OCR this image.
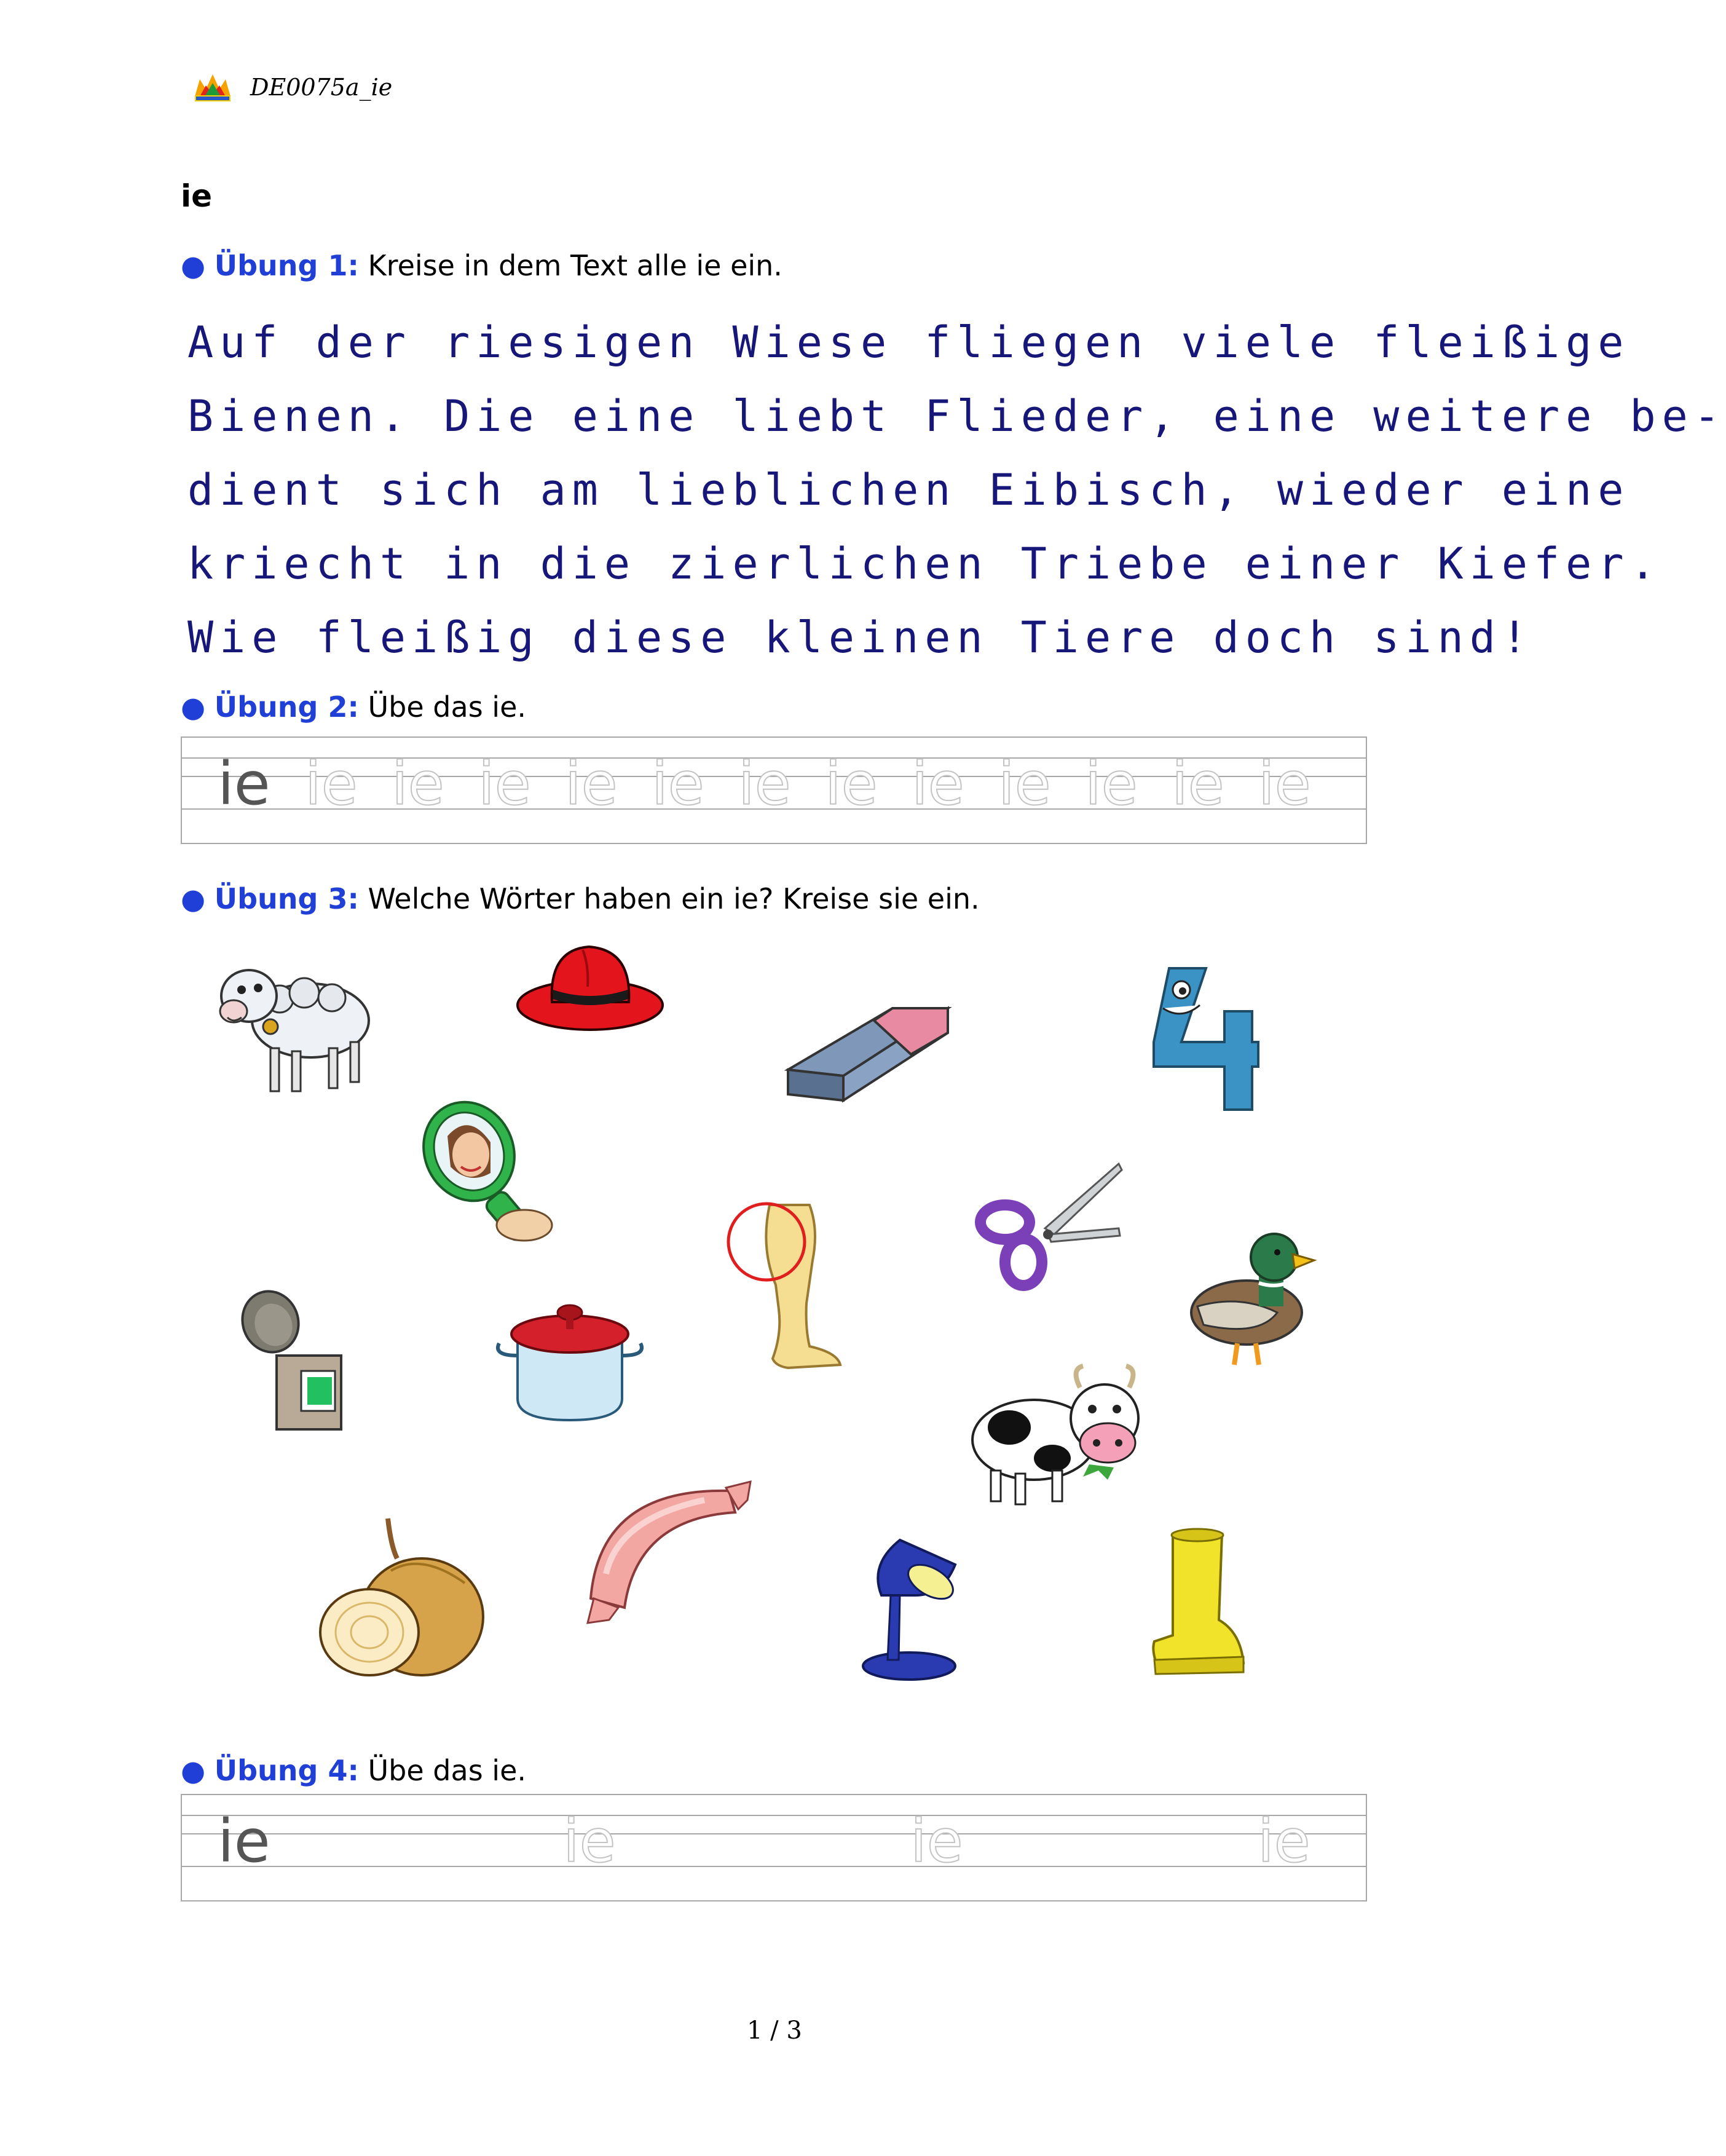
DE0075a_ie
ie
● Übung 1: Kreise in dem Text alle ie ein.
Auf der riesigen Wiese fliegen viele fleißige
Bienen. Die eine liebt Flieder, eine weitere be-
dient sich am lieblichen Eibisch, wieder eine
kriecht in die zierlichen Triebe einer Kiefer.
Wie fleißig diese kleinen Tiere doch sind!
● Übung 2: Übe das ie.
ie ie ie ie ie ie ie ie ie ie ie ie ie
● Übung 3: Welche Wörter haben ein ie? Kreise sie ein.
● Übung 4: Übe das ie.
ie	ie	ie	ie
1 / 3
